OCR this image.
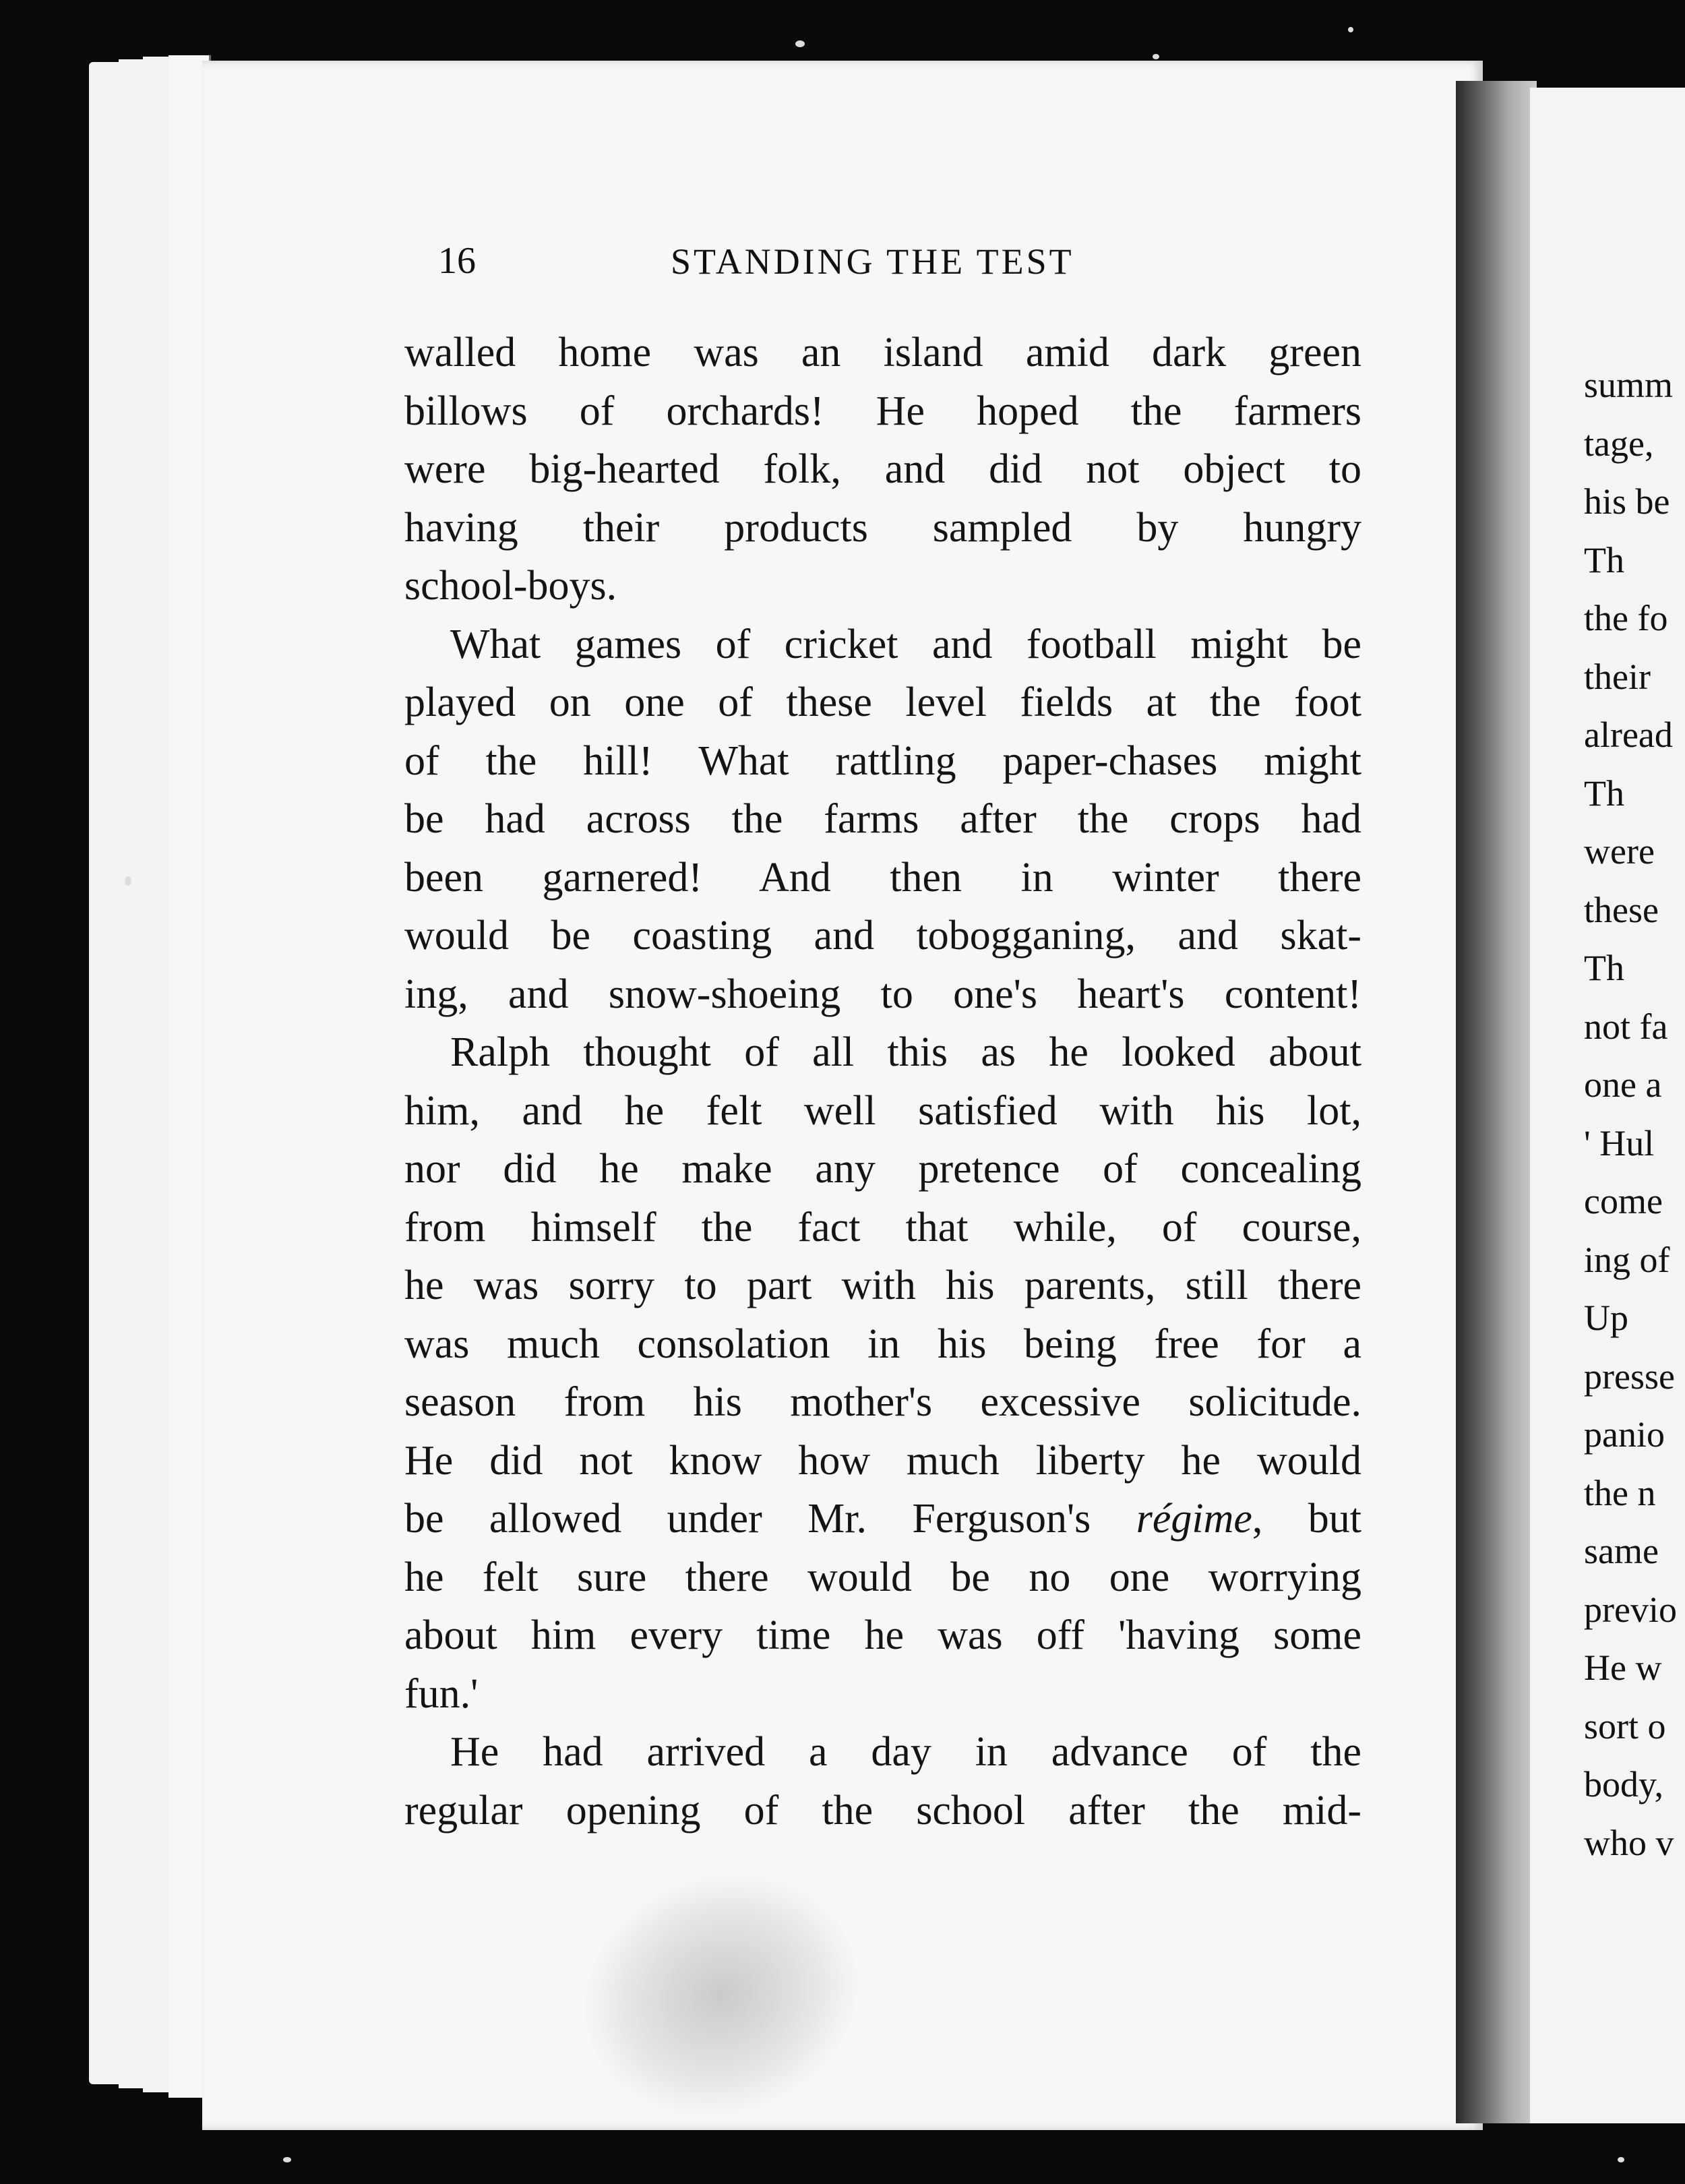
summ
tage,
his be
Th
the fo
their
alread
Th
were
these
Th
not fa
one a
' Hul
come
ing of
Up
presse
panio
the n
same
previo
He w
sort o
body,
who v
16	STANDING THE TEST
walled home was an island amid dark green
billows of orchards! He hoped the farmers
were big-hearted folk, and did not object to
having their products sampled by hungry
school-boys.
What games of cricket and football might be
played on one of these level fields at the foot
of the hill! What rattling paper-chases might
be had across the farms after the crops had
been garnered! And then in winter there
would be coasting and tobogganing, and skat-
ing, and snow-shoeing to one's heart's content!
Ralph thought of all this as he looked about
him, and he felt well satisfied with his lot,
nor did he make any pretence of concealing
from himself the fact that while, of course,
he was sorry to part with his parents, still there
was much consolation in his being free for a
season from his mother's excessive solicitude.
He did not know how much liberty he would
be allowed under Mr. Ferguson's régime, but
he felt sure there would be no one worrying
about him every time he was off 'having some
fun.'
He had arrived a day in advance of the
regular opening of the school after the mid-
